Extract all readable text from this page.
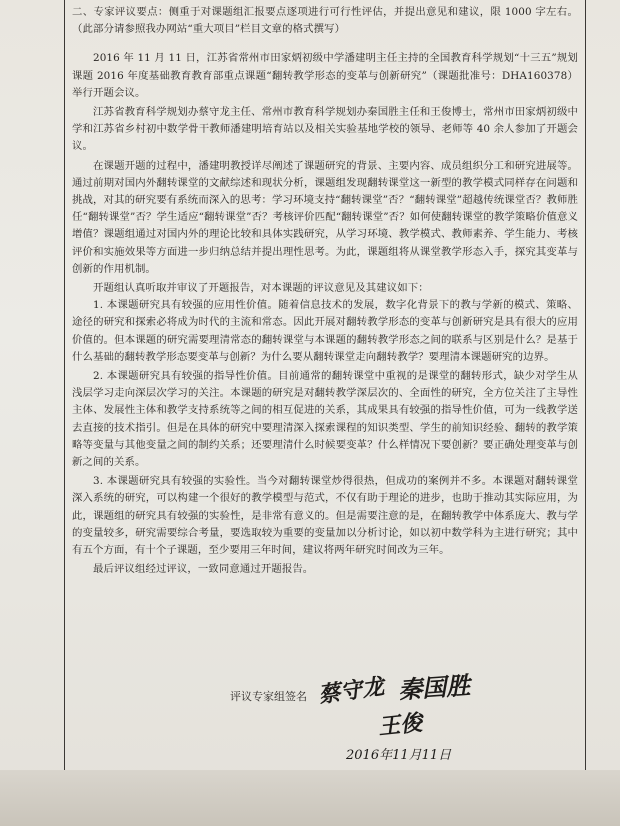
二、专家评议要点：侧重于对课题组汇报要点逐项进行可行性评估，并提出意见和建议，限 1000 字左右。（此部分请参照我办网站“重大项目”栏目文章的格式撰写）

2016 年 11 月 11 日，江苏省常州市田家炳初级中学潘建明主任主持的全国教育科学规划“十三五”规划课题 2016 年度基础教育教育部重点课题“翻转教学形态的变革与创新研究”（课题批准号：DHA160378）举行开题会议。

江苏省教育科学规划办蔡守龙主任、常州市教育科学规划办秦国胜主任和王俊博士，常州市田家炳初级中学和江苏省乡村初中数学骨干教师潘建明培育站以及相关实验基地学校的领导、老师等 40 余人参加了开题会议。

在课题开题的过程中，潘建明教授详尽阐述了课题研究的背景、主要内容、成员组织分工和研究进展等。通过前期对国内外翻转课堂的文献综述和现状分析，课题组发现翻转课堂这一新型的教学模式同样存在问题和挑战，对其的研究要有系统而深入的思考：学习环境支持“翻转课堂”否？“翻转课堂”超越传统课堂否？教师胜任“翻转课堂”否？学生适应“翻转课堂”否？考核评价匹配“翻转课堂”否？如何使翻转课堂的教学策略价值意义增值？课题组通过对国内外的理论比较和具体实践研究，从学习环境、教学模式、教师素养、学生能力、考核评价和实施效果等方面进一步归纳总结并提出理性思考。为此，课题组将从课堂教学形态入手，探究其变革与创新的作用机制。

开题组认真听取并审议了开题报告，对本课题的评议意见及其建议如下：

1. 本课题研究具有较强的应用性价值。随着信息技术的发展，数字化背景下的教与学新的模式、策略、途径的研究和探索必将成为时代的主流和常态。因此开展对翻转教学形态的变革与创新研究是具有很大的应用价值的。但本课题的研究需要理清常态的翻转课堂与本课题的翻转教学形态之间的联系与区别是什么？是基于什么基础的翻转教学形态要变革与创新？为什么要从翻转课堂走向翻转教学？要理清本课题研究的边界。

2. 本课题研究具有较强的指导性价值。目前通常的翻转课堂中重视的是课堂的翻转形式，缺少对学生从浅层学习走向深层次学习的关注。本课题的研究是对翻转教学深层次的、全面性的研究，全方位关注了主导性主体、发展性主体和教学支持系统等之间的相互促进的关系，其成果具有较强的指导性价值，可为一线教学送去直接的技术指引。但是在具体的研究中要理清深入探索课程的知识类型、学生的前知识经验、翻转的教学策略等变量与其他变量之间的制约关系；还要理清什么时候要变革？什么样情况下要创新？要正确处理变革与创新之间的关系。

3. 本课题研究具有较强的实验性。当今对翻转课堂炒得很热，但成功的案例并不多。本课题对翻转课堂深入系统的研究，可以构建一个很好的教学模型与范式，不仅有助于理论的进步，也助于推动其实际应用，为此，课题组的研究具有较强的实验性，是非常有意义的。但是需要注意的是，在翻转教学中体系庞大、教与学的变量较多，研究需要综合考量，要选取较为重要的变量加以分析讨论，如以初中数学科为主进行研究；其中有五个方面，有十个子课题，至少要用三年时间，建议将两年研究时间改为三年。

最后评议组经过评议，一致同意通过开题报告。

评议专家组签名 蔡守龙 秦国胜
王俊
2016年11月11日
